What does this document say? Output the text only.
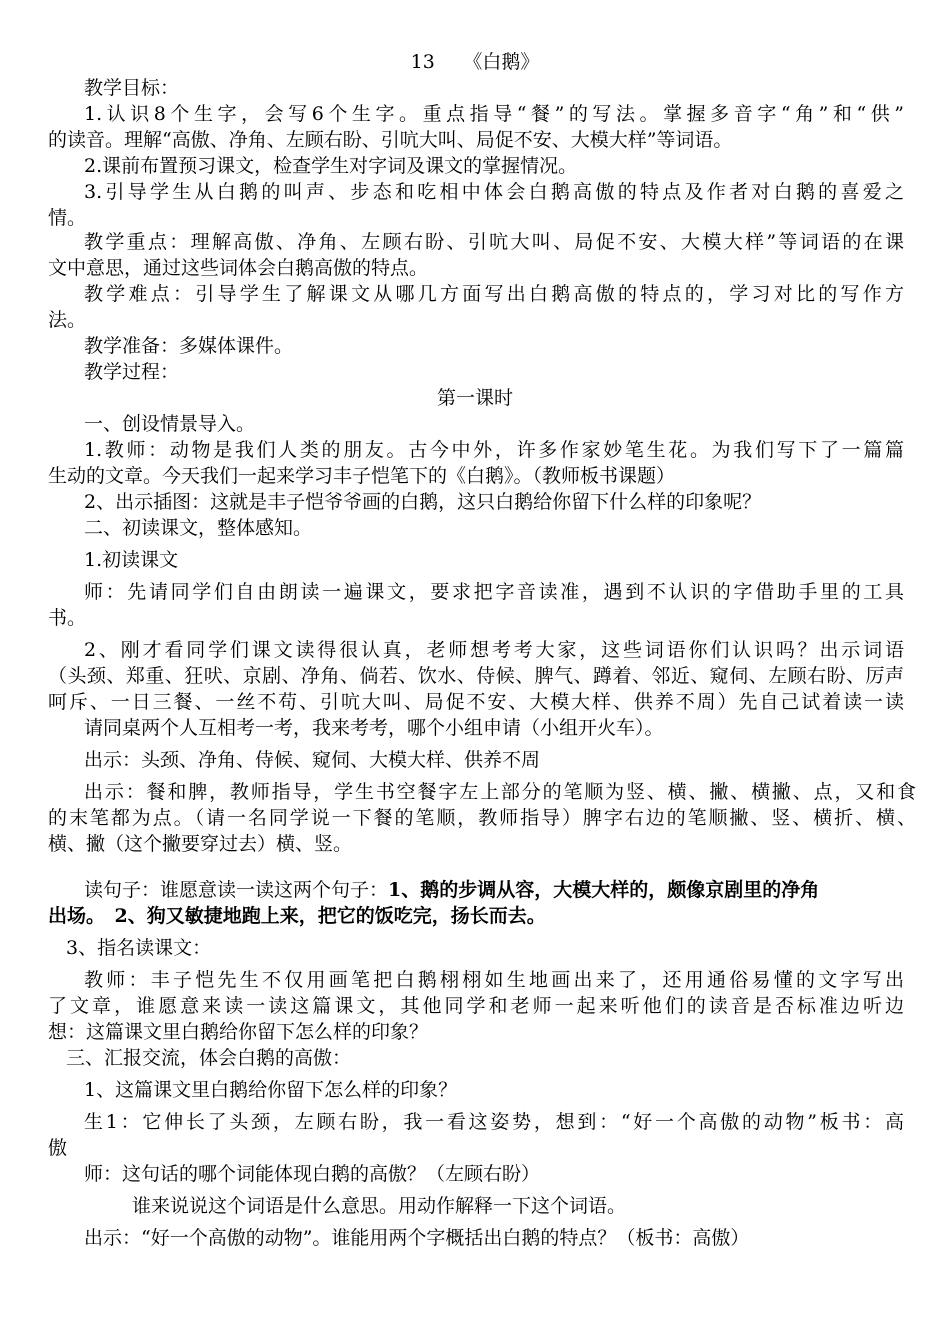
13　　《白鹅》
教学目标：
1.认识8个生字，会写6个生字。重点指导“餐”的写法。掌握多音字“角”和“供”
的读音。理解“高傲、净角、左顾右盼、引吭大叫、局促不安、大模大样”等词语。
2.课前布置预习课文，检查学生对字词及课文的掌握情况。
3.引导学生从白鹅的叫声、步态和吃相中体会白鹅高傲的特点及作者对白鹅的喜爱之
情。
教学重点：理解高傲、净角、左顾右盼、引吭大叫、局促不安、大模大样”等词语的在课
文中意思，通过这些词体会白鹅高傲的特点。
教学难点：引导学生了解课文从哪几方面写出白鹅高傲的特点的，学习对比的写作方
法。
教学准备：多媒体课件。
教学过程：
第一课时
一、创设情景导入。
1.教师：动物是我们人类的朋友。古今中外，许多作家妙笔生花。为我们写下了一篇篇
生动的文章。今天我们一起来学习丰子恺笔下的《白鹅》。（教师板书课题）
2、出示插图：这就是丰子恺爷爷画的白鹅，这只白鹅给你留下什么样的印象呢？
二、初读课文，整体感知。
1.初读课文
师：先请同学们自由朗读一遍课文，要求把字音读准，遇到不认识的字借助手里的工具
书。
2、刚才看同学们课文读得很认真，老师想考考大家，这些词语你们认识吗？出示词语
（头颈、郑重、狂吠、京剧、净角、倘若、饮水、侍候、脾气、蹲着、邻近、窥伺、左顾右盼、厉声
呵斥、一日三餐、一丝不苟、引吭大叫、局促不安、大模大样、供养不周）先自己试着读一读
请同桌两个人互相考一考，我来考考，哪个小组申请（小组开火车）。
出示：头颈、净角、侍候、窥伺、大模大样、供养不周
出示：餐和脾，教师指导，学生书空餐字左上部分的笔顺为竖、横、撇、横撇、点，又和食
的末笔都为点。（请一名同学说一下餐的笔顺，教师指导）脾字右边的笔顺撇、竖、横折、横、
横、撇（这个撇要穿过去）横、竖。
读句子：谁愿意读一读这两个句子：1、鹅的步调从容，大模大样的，颇像京剧里的净角
出场。　2、狗又敏捷地跑上来，把它的饭吃完，扬长而去。
3、指名读课文：
教师：丰子恺先生不仅用画笔把白鹅栩栩如生地画出来了，还用通俗易懂的文字写出
了文章，谁愿意来读一读这篇课文，其他同学和老师一起来听他们的读音是否标准边听边
想：这篇课文里白鹅给你留下怎么样的印象？
三、汇报交流，体会白鹅的高傲：
1、这篇课文里白鹅给你留下怎么样的印象？
生1：它伸长了头颈，左顾右盼，我一看这姿势，想到：“好一个高傲的动物”板书：高
傲
师：这句话的哪个词能体现白鹅的高傲？（左顾右盼）
谁来说说这个词语是什么意思。用动作解释一下这个词语。
出示：“好一个高傲的动物”。谁能用两个字概括出白鹅的特点？（板书：高傲）
